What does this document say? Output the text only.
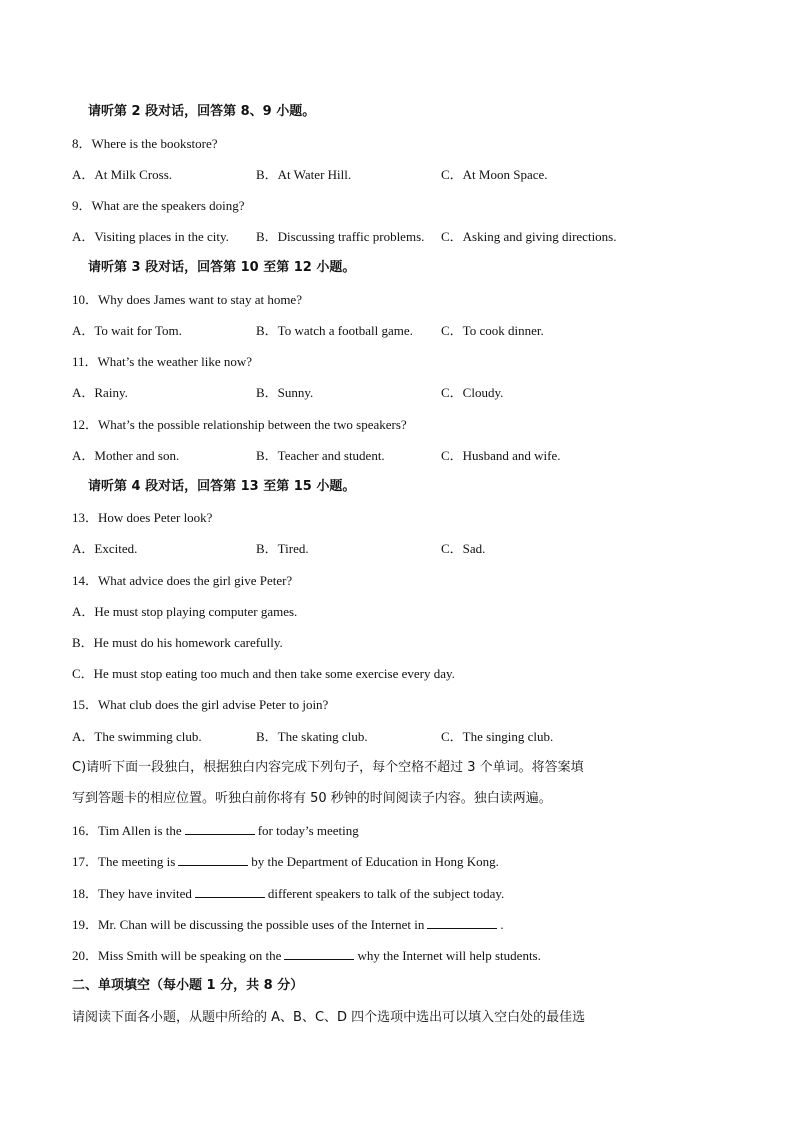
请听第 2 段对话，回答第 8、9 小题。
8．Where is the bookstore?
A．At Milk Cross.	B．At Water Hill.	C．At Moon Space.
9．What are the speakers doing?
A．Visiting places in the city. B．Discussing traffic problems. C．Asking and giving directions.
请听第 3 段对话，回答第 10 至第 12 小题。
10．Why does James want to stay at home?
A．To wait for Tom.	B．To watch a football game. C．To cook dinner.
11．What’s the weather like now?
A．Rainy.	B．Sunny.	C．Cloudy.
12．What’s the possible relationship between the two speakers?
A．Mother and son.	B．Teacher and student.	C．Husband and wife.
请听第 4 段对话，回答第 13 至第 15 小题。
13．How does Peter look?
A．Excited.	B．Tired.	C．Sad.
14．What advice does the girl give Peter?
A．He must stop playing computer games.
B．He must do his homework carefully.
C．He must stop eating too much and then take some exercise every day.
15．What club does the girl advise Peter to join?
A．The swimming club.	B．The skating club.	C．The singing club.
C)请听下面一段独白，根据独白内容完成下列句子，每个空格不超过 3 个单词。将答案填
写到答题卡的相应位置。听独白前你将有 50 秒钟的时间阅读子内容。独白读两遍。
16．Tim Allen is the	for today’s meeting
17．The meeting is	by the Department of Education in Hong Kong.
18．They have invited	different speakers to talk of the subject today.
19．Mr. Chan will be discussing the possible uses of the Internet in	.
20．Miss Smith will be speaking on the	why the Internet will help students.
二、单项填空（每小题 1 分，共 8 分）
请阅读下面各小题，从题中所给的 A、B、C、D 四个选项中选出可以填入空白处的最佳选
